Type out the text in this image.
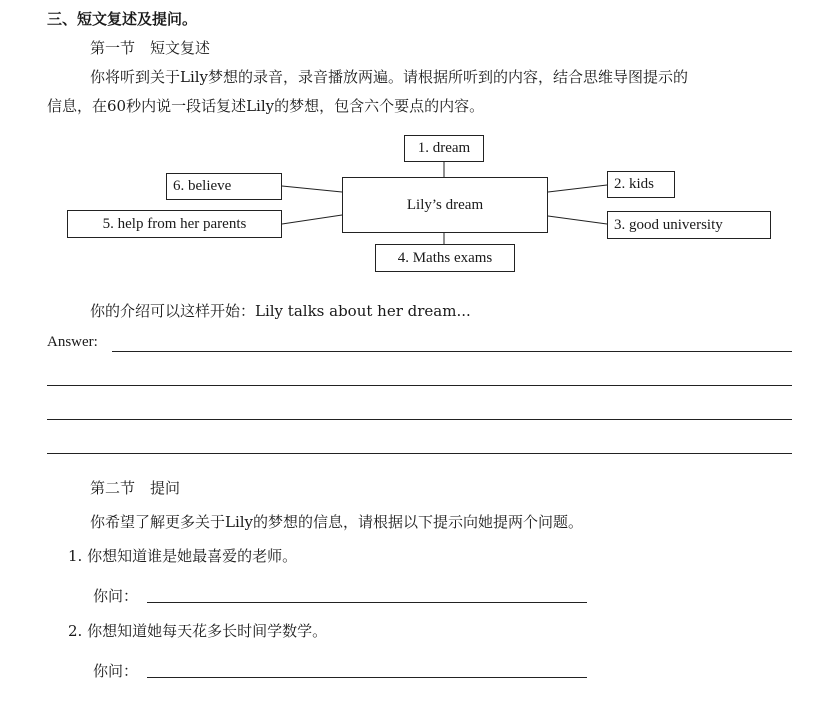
三、短文复述及提问。
第一节　短文复述
你将听到关于Lily梦想的录音，录音播放两遍。请根据所听到的内容，结合思维导图提示的
信息，在60秒内说一段话复述Lily的梦想，包含六个要点的内容。
Lily’s dream
1. dream
6. believe
5. help from her parents
2. kids
3. good university
4. Maths exams
你的介绍可以这样开始：Lily talks about her dream...
Answer:
第二节　提问
你希望了解更多关于Lily的梦想的信息，请根据以下提示向她提两个问题。
1. 你想知道谁是她最喜爱的老师。
你问：
2. 你想知道她每天花多长时间学数学。
你问：
